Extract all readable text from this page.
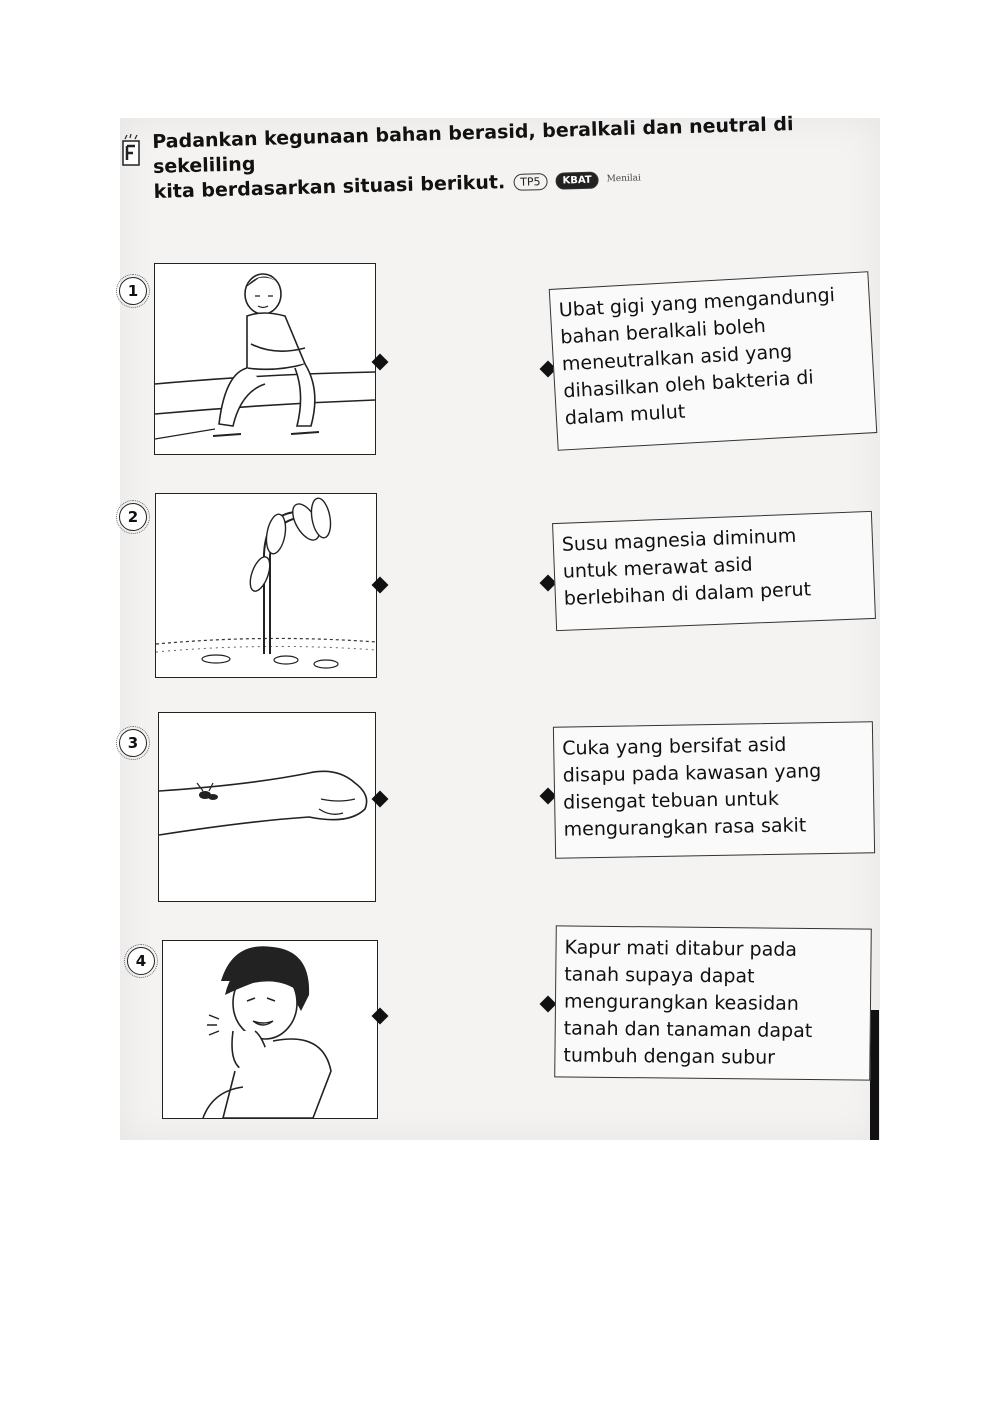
Padankan kegunaan bahan berasid, beralkali dan neutral di sekeliling
kita berdasarkan situasi berikut.	TP5	KBAT	Menilai
1	Ubat gigi yang mengandungi
bahan beralkali boleh
meneutralkan asid yang
dihasilkan oleh bakteria di
dalam mulut
2
Susu magnesia diminum
untuk merawat asid
berlebihan di dalam perut
3	Cuka yang bersifat asid
disapu pada kawasan yang
disengat tebuan untuk
mengurangkan rasa sakit
4
Kapur mati ditabur pada
tanah supaya dapat
mengurangkan keasidan
tanah dan tanaman dapat
tumbuh dengan subur
